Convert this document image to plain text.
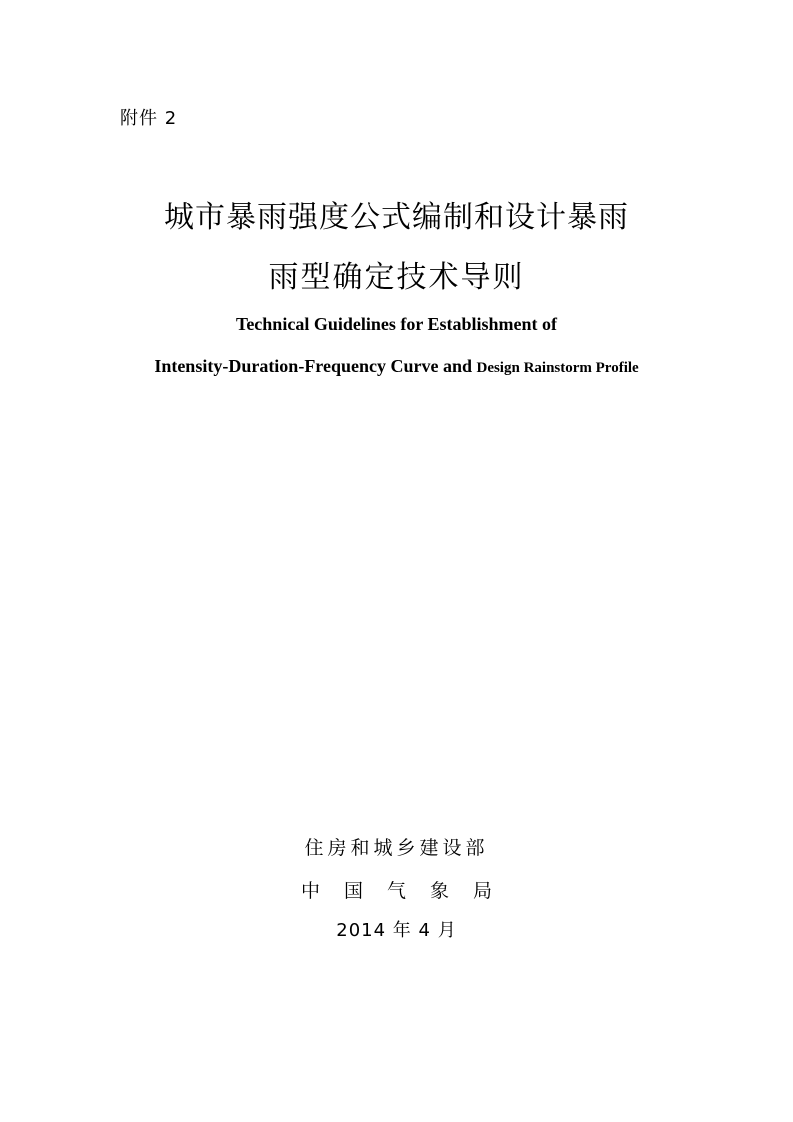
附件 2
城市暴雨强度公式编制和设计暴雨
雨型确定技术导则
Technical Guidelines for Establishment of
Intensity-Duration-Frequency Curve and Design Rainstorm Profile
住房和城乡建设部
中国气象局
2014 年 4 月
